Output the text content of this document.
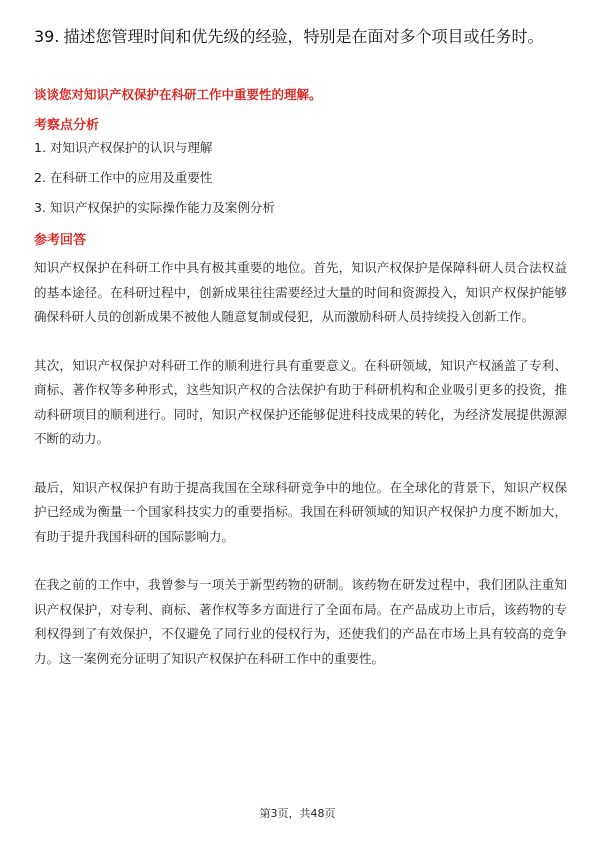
39. 描述您管理时间和优先级的经验，特别是在面对多个项目或任务时。
谈谈您对知识产权保护在科研工作中重要性的理解。
考察点分析
1. 对知识产权保护的认识与理解
2. 在科研工作中的应用及重要性
3. 知识产权保护的实际操作能力及案例分析
参考回答

知识产权保护在科研工作中具有极其重要的地位。首先，知识产权保护是保障科研人员合法权益的基本途径。在科研过程中，创新成果往往需要经过大量的时间和资源投入，知识产权保护能够确保科研人员的创新成果不被他人随意复制或侵犯，从而激励科研人员持续投入创新工作。

其次，知识产权保护对科研工作的顺利进行具有重要意义。在科研领域，知识产权涵盖了专利、商标、著作权等多种形式，这些知识产权的合法保护有助于科研机构和企业吸引更多的投资，推动科研项目的顺利进行。同时，知识产权保护还能够促进科技成果的转化，为经济发展提供源源不断的动力。

最后，知识产权保护有助于提高我国在全球科研竞争中的地位。在全球化的背景下，知识产权保护已经成为衡量一个国家科技实力的重要指标。我国在科研领域的知识产权保护力度不断加大，有助于提升我国科研的国际影响力。

在我之前的工作中，我曾参与一项关于新型药物的研制。该药物在研发过程中，我们团队注重知识产权保护，对专利、商标、著作权等多方面进行了全面布局。在产品成功上市后，该药物的专利权得到了有效保护，不仅避免了同行业的侵权行为，还使我们的产品在市场上具有较高的竞争力。这一案例充分证明了知识产权保护在科研工作中的重要性。

第3页，共48页
